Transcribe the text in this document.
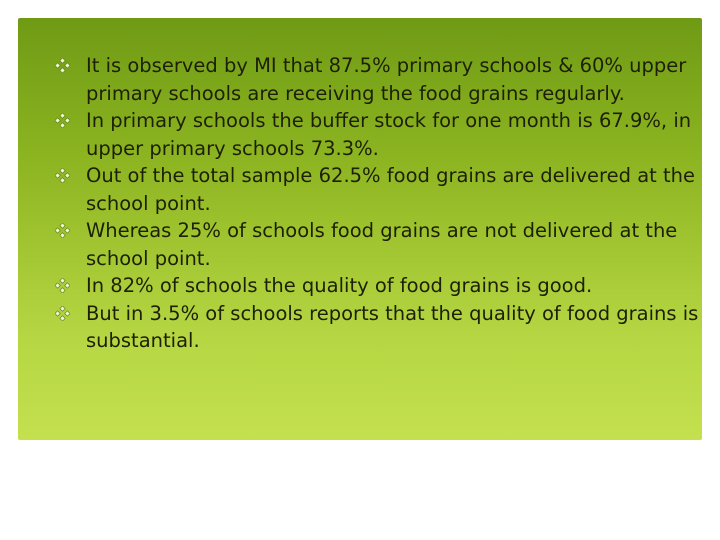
It is observed by MI that 87.5% primary schools & 60% upper primary schools are receiving the food grains regularly.
In primary schools the buffer stock for one month is 67.9%, in upper primary schools 73.3%.
Out of the total sample 62.5% food grains are delivered at the school point.
Whereas 25% of schools food grains are not delivered at the school point.
In 82% of schools the quality of food grains is good.
But in 3.5% of schools reports that the quality of food grains is substantial.
